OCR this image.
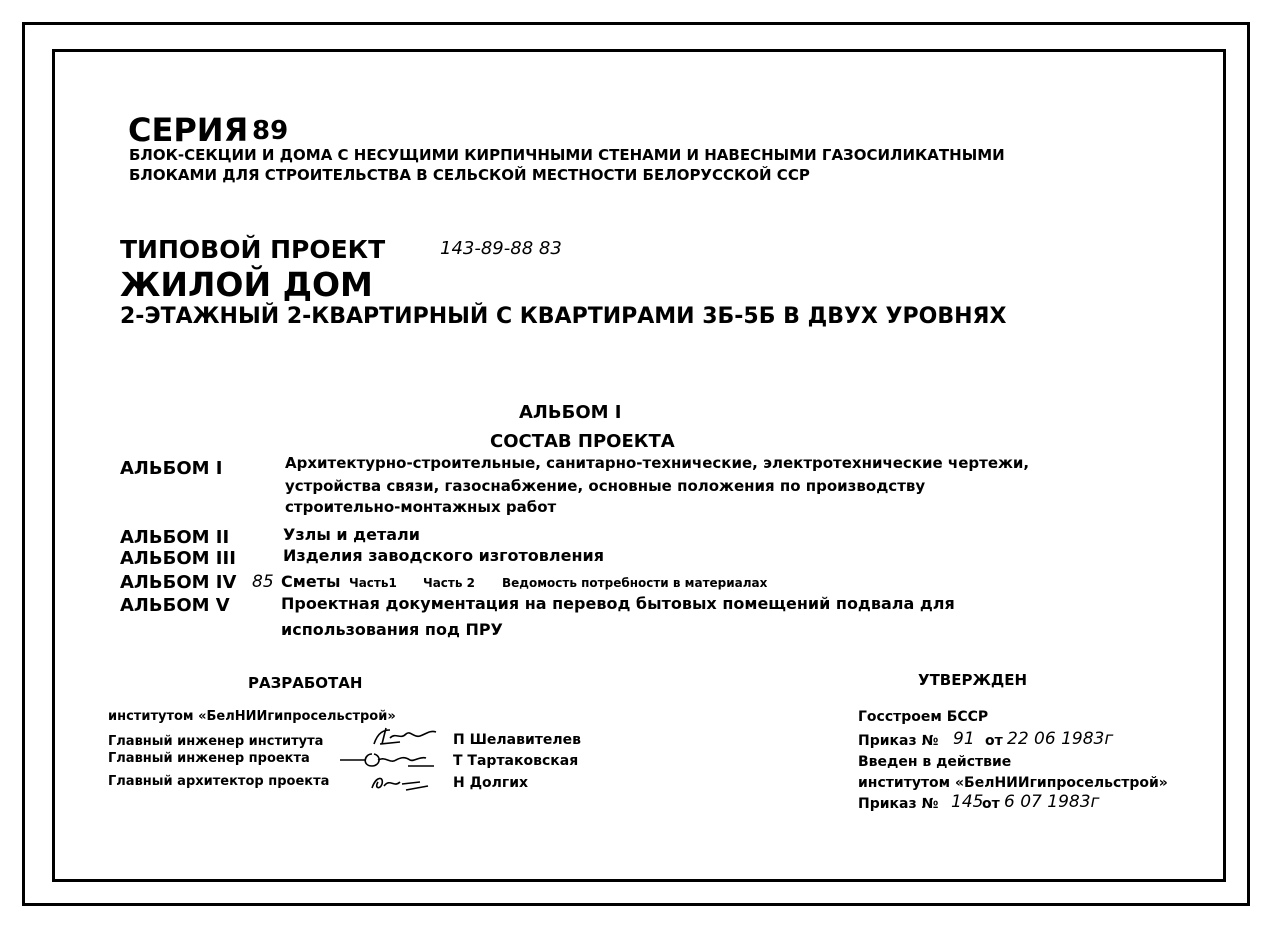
СЕРИЯ 89
БЛОК-СЕКЦИИ И ДОМА С НЕСУЩИМИ КИРПИЧНЫМИ СТЕНАМИ И НАВЕСНЫМИ ГАЗОСИЛИКАТНЫМИ
БЛОКАМИ ДЛЯ СТРОИТЕЛЬСТВА В СЕЛЬСКОЙ МЕСТНОСТИ БЕЛОРУССКОЙ ССР
ТИПОВОЙ ПРОЕКТ	143-89-88 83
ЖИЛОЙ ДОМ
2-ЭТАЖНЫЙ 2-КВАРТИРНЫЙ С КВАРТИРАМИ 3Б-5Б В ДВУХ УРОВНЯХ
АЛЬБОМ I
СОСТАВ ПРОЕКТА
АЛЬБОМ I	Архитектурно-строительные, санитарно-технические, электротехнические чертежи,
устройства связи, газоснабжение, основные положения по производству
строительно-монтажных работ
АЛЬБОМ II	Узлы и детали
АЛЬБОМ III	Изделия заводского изготовления
АЛЬБОМ IV 85 Сметы Часть1 Часть 2 Ведомость потребности в материалах
АЛЬБОМ V	Проектная документация на перевод бытовых помещений подвала для
использования под ПРУ
РАЗРАБОТАН
институтом «БелНИИгипросельстрой»
Главный инженер института	П Шелавителев
Главный инженер проекта	Т Тартаковская
Главный архитектор проекта	Н Долгих
УТВЕРЖДЕН
Госстроем БССР
Приказ № 91 от 22 06 1983г
Введен в действие
институтом «БелНИИгипросельстрой»
Приказ № 145
от 6 07 1983г
